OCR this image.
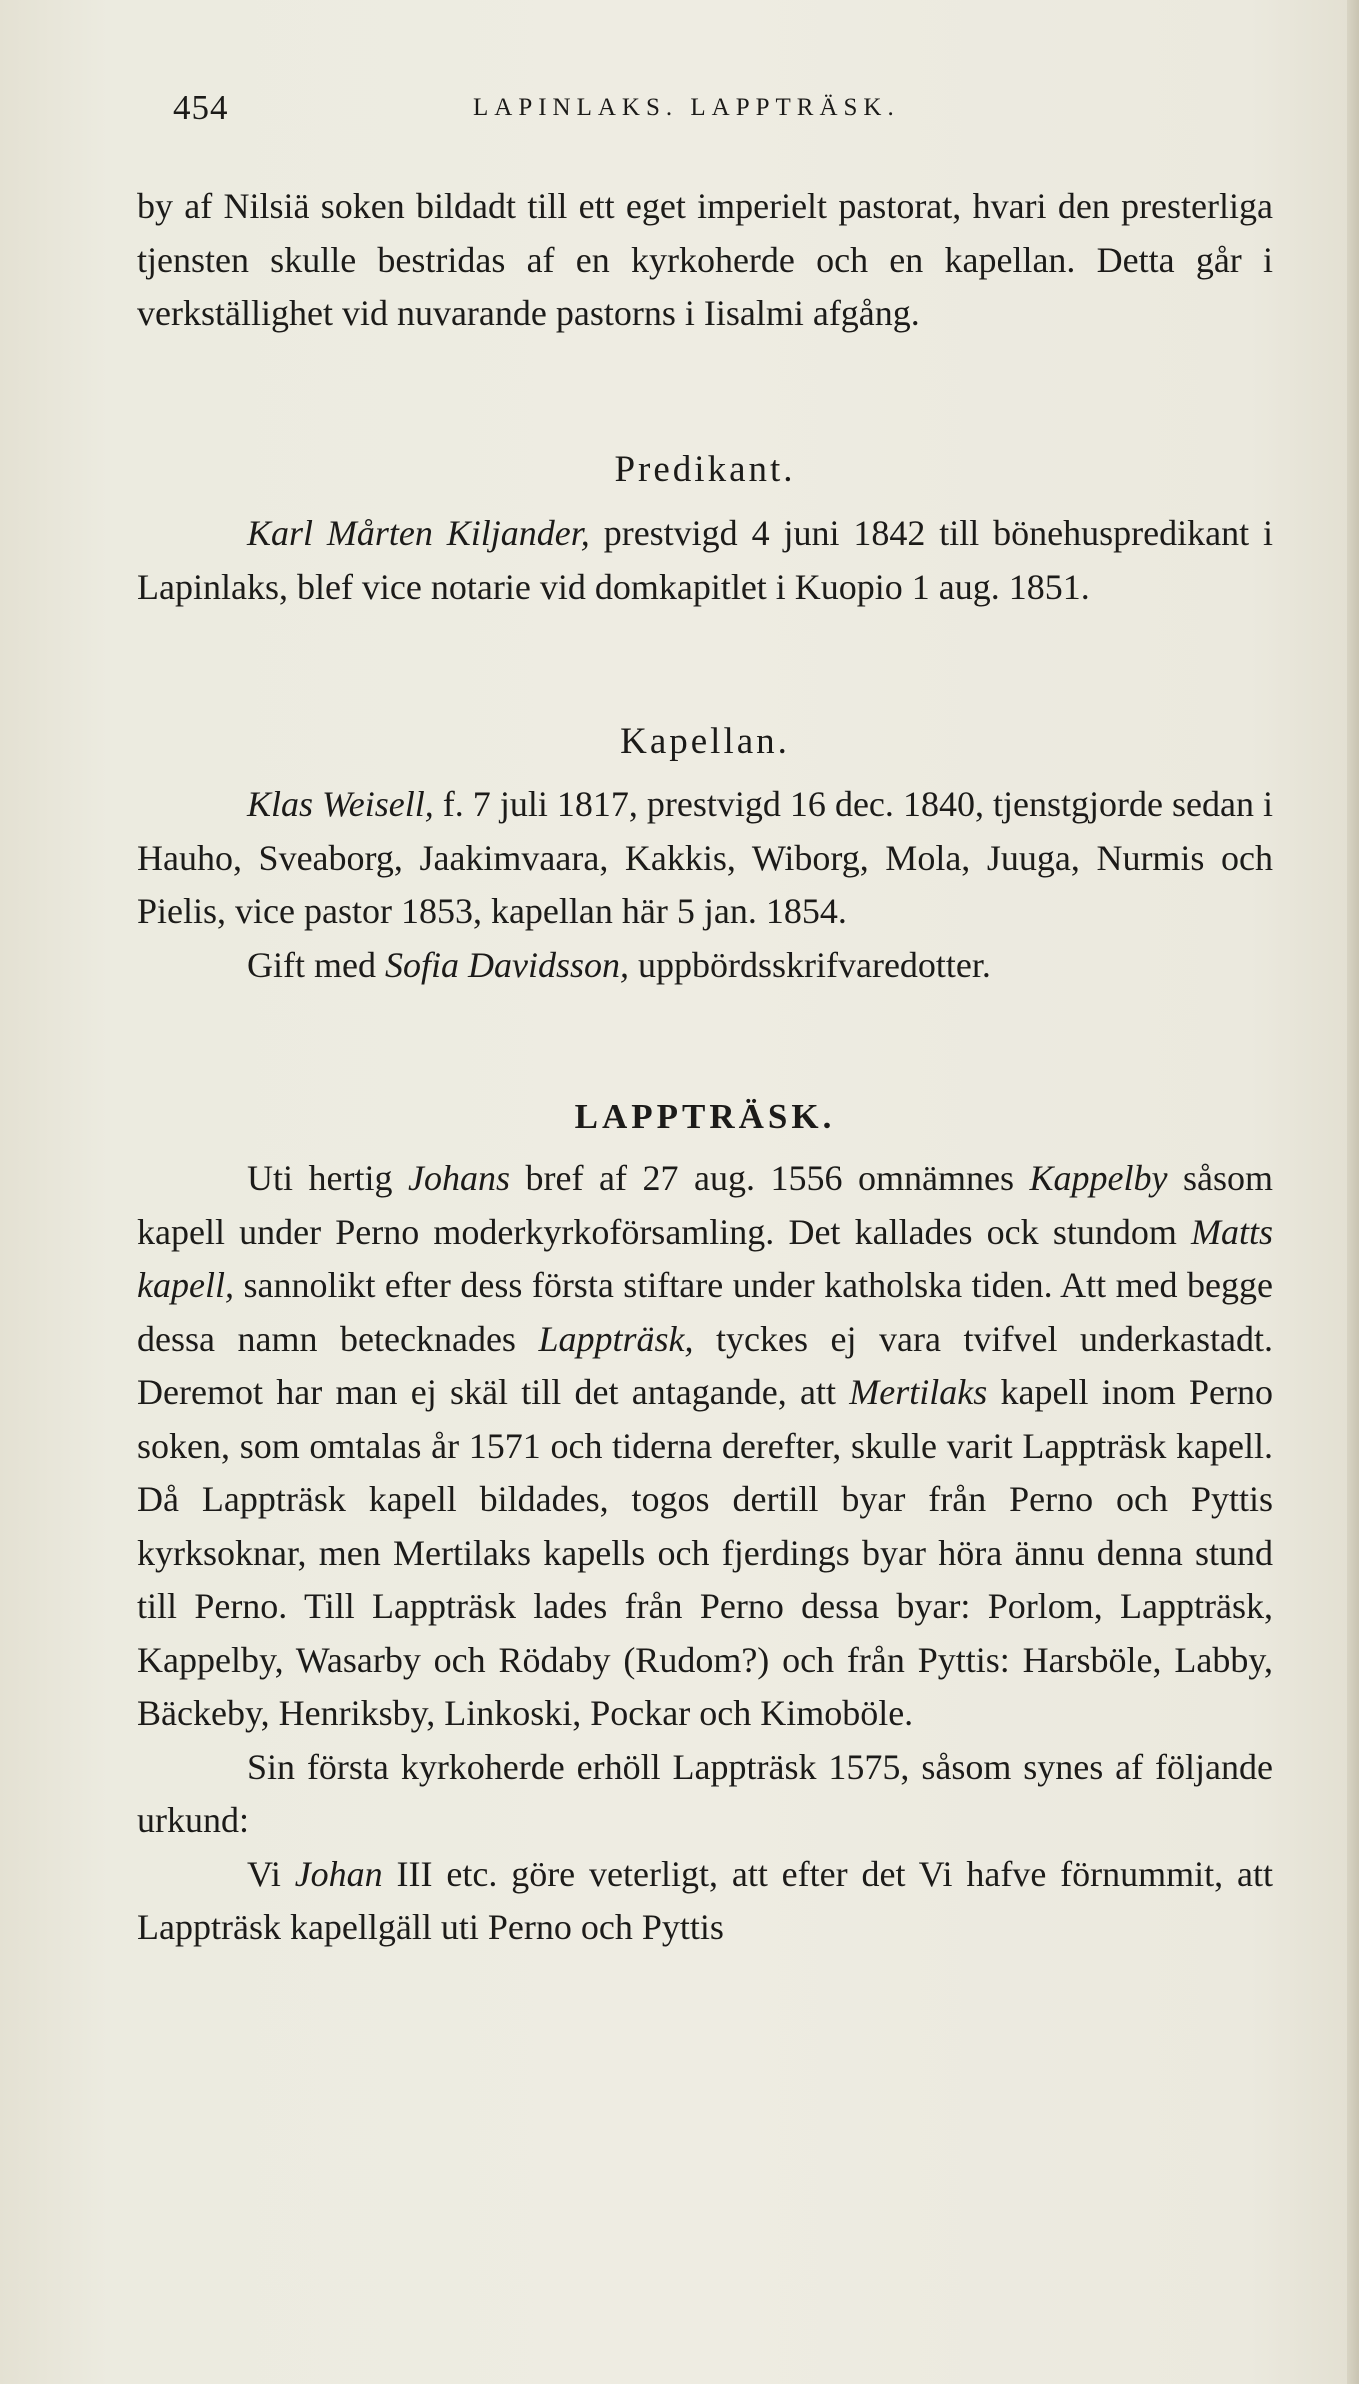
454	LAPINLAKS. LAPPTRÄSK.

by af Nilsiä soken bildadt till ett eget imperielt pastorat, hvari den presterliga tjensten skulle bestridas af en kyrkoherde och en kapellan. Detta går i verkställighet vid nuvarande pastorns i Iisalmi afgång.

Predikant.

Karl Mårten Kiljander, prestvigd 4 juni 1842 till bönehuspredikant i Lapinlaks, blef vice notarie vid domkapitlet i Kuopio 1 aug. 1851.

Kapellan.

Klas Weisell, f. 7 juli 1817, prestvigd 16 dec. 1840, tjenstgjorde sedan i Hauho, Sveaborg, Jaakimvaara, Kakkis, Wiborg, Mola, Juuga, Nurmis och Pielis, vice pastor 1853, kapellan här 5 jan. 1854.

Gift med Sofia Davidsson, uppbördsskrifvaredotter.

LAPPTRÄSK.

Uti hertig Johans bref af 27 aug. 1556 omnämnes Kappelby såsom kapell under Perno moderkyrkoförsamling. Det kallades ock stundom Matts kapell, sannolikt efter dess första stiftare under katholska tiden. Att med begge dessa namn betecknades Lappträsk, tyckes ej vara tvifvel underkastadt. Deremot har man ej skäl till det antagande, att Mertilaks kapell inom Perno soken, som omtalas år 1571 och tiderna derefter, skulle varit Lappträsk kapell. Då Lappträsk kapell bildades, togos dertill byar från Perno och Pyttis kyrksoknar, men Mertilaks kapells och fjerdings byar höra ännu denna stund till Perno. Till Lappträsk lades från Perno dessa byar: Porlom, Lappträsk, Kappelby, Wasarby och Rödaby (Rudom?) och från Pyttis: Harsböle, Labby, Bäckeby, Henriksby, Linkoski, Pockar och Kimoböle.

Sin första kyrkoherde erhöll Lappträsk 1575, såsom synes af följande urkund:

Vi Johan III etc. göre veterligt, att efter det Vi hafve förnummit, att Lappträsk kapellgäll uti Perno och Pyttis
